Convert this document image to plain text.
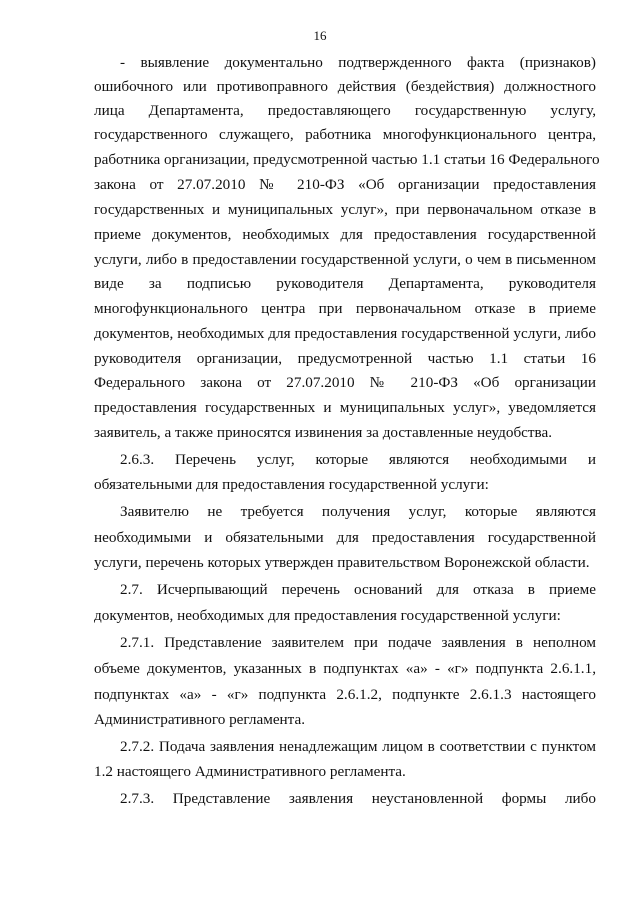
16
- выявление документально подтвержденного факта (признаков)
ошибочного или противоправного действия (бездействия) должностного
лица Департамента, предоставляющего государственную услугу,
государственного служащего, работника многофункционального центра,
работника организации, предусмотренной частью 1.1 статьи 16 Федерального
закона от 27.07.2010 № 210-ФЗ «Об организации предоставления
государственных и муниципальных услуг», при первоначальном отказе в
приеме документов, необходимых для предоставления государственной
услуги, либо в предоставлении государственной услуги, о чем в письменном
виде за подписью руководителя Департамента, руководителя
многофункционального центра при первоначальном отказе в приеме
документов, необходимых для предоставления государственной услуги, либо
руководителя организации, предусмотренной частью 1.1 статьи 16
Федерального закона от 27.07.2010 № 210-ФЗ «Об организации
предоставления государственных и муниципальных услуг», уведомляется
заявитель, а также приносятся извинения за доставленные неудобства.
2.6.3. Перечень услуг, которые являются необходимыми и
обязательными для предоставления государственной услуги:
Заявителю не требуется получения услуг, которые являются
необходимыми и обязательными для предоставления государственной
услуги, перечень которых утвержден правительством Воронежской области.
2.7. Исчерпывающий перечень оснований для отказа в приеме
документов, необходимых для предоставления государственной услуги:
2.7.1. Представление заявителем при подаче заявления в неполном
объеме документов, указанных в подпунктах «а» - «г» подпункта 2.6.1.1,
подпунктах «а» - «г» подпункта 2.6.1.2, подпункте 2.6.1.3 настоящего
Административного регламента.
2.7.2. Подача заявления ненадлежащим лицом в соответствии с пунктом
1.2 настоящего Административного регламента.
2.7.3. Представление заявления неустановленной формы либо
